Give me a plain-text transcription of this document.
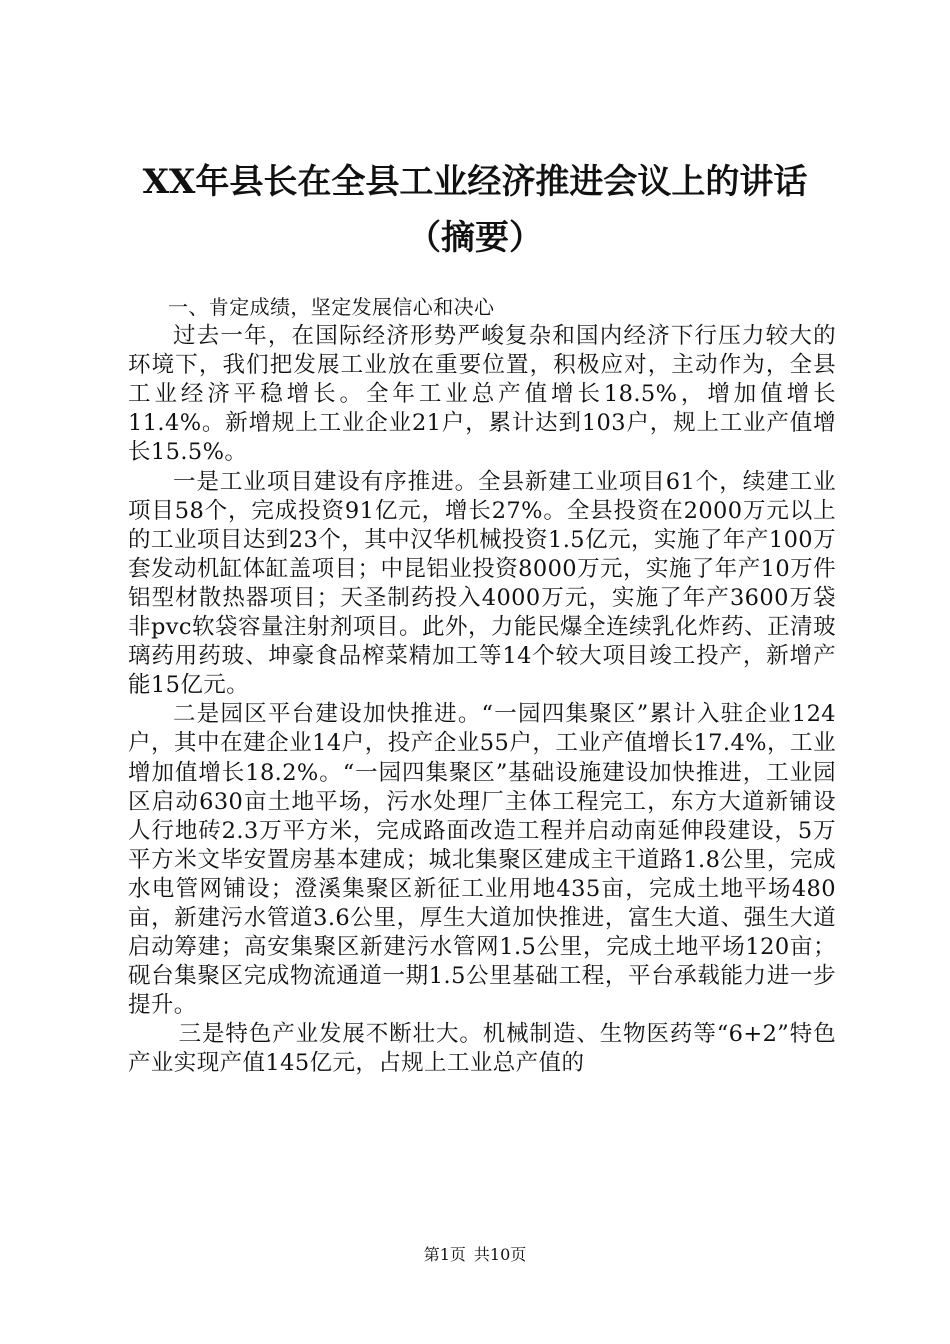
XX年县长在全县工业经济推进会议上的讲话
（摘要）

一、肯定成绩，坚定发展信心和决心

过去一年，在国际经济形势严峻复杂和国内经济下行压力较大的环境下，我们把发展工业放在重要位置，积极应对，主动作为，全县工业经济平稳增长。全年工业总产值增长18.5%，增加值增长11.4%。新增规上工业企业21户，累计达到103户，规上工业产值增长15.5%。

一是工业项目建设有序推进。全县新建工业项目61个，续建工业项目58个，完成投资91亿元，增长27%。全县投资在2000万元以上的工业项目达到23个，其中汉华机械投资1.5亿元，实施了年产100万套发动机缸体缸盖项目；中昆铝业投资8000万元，实施了年产10万件铝型材散热器项目；天圣制药投入4000万元，实施了年产3600万袋非pvc软袋容量注射剂项目。此外，力能民爆全连续乳化炸药、正清玻璃药用药玻、坤豪食品榨菜精加工等14个较大项目竣工投产，新增产能15亿元。

二是园区平台建设加快推进。“一园四集聚区”累计入驻企业124户，其中在建企业14户，投产企业55户，工业产值增长17.4%，工业增加值增长18.2%。“一园四集聚区”基础设施建设加快推进，工业园区启动630亩土地平场，污水处理厂主体工程完工，东方大道新铺设人行地砖2.3万平方米，完成路面改造工程并启动南延伸段建设，5万平方米文毕安置房基本建成；城北集聚区建成主干道路1.8公里，完成水电管网铺设；澄溪集聚区新征工业用地435亩，完成土地平场480亩，新建污水管道3.6公里，厚生大道加快推进，富生大道、强生大道启动筹建；高安集聚区新建污水管网1.5公里，完成土地平场120亩；砚台集聚区完成物流通道一期1.5公里基础工程，平台承载能力进一步提升。

三是特色产业发展不断壮大。机械制造、生物医药等“6+2”特色产业实现产值145亿元，占规上工业总产值的

第1页 共10页
